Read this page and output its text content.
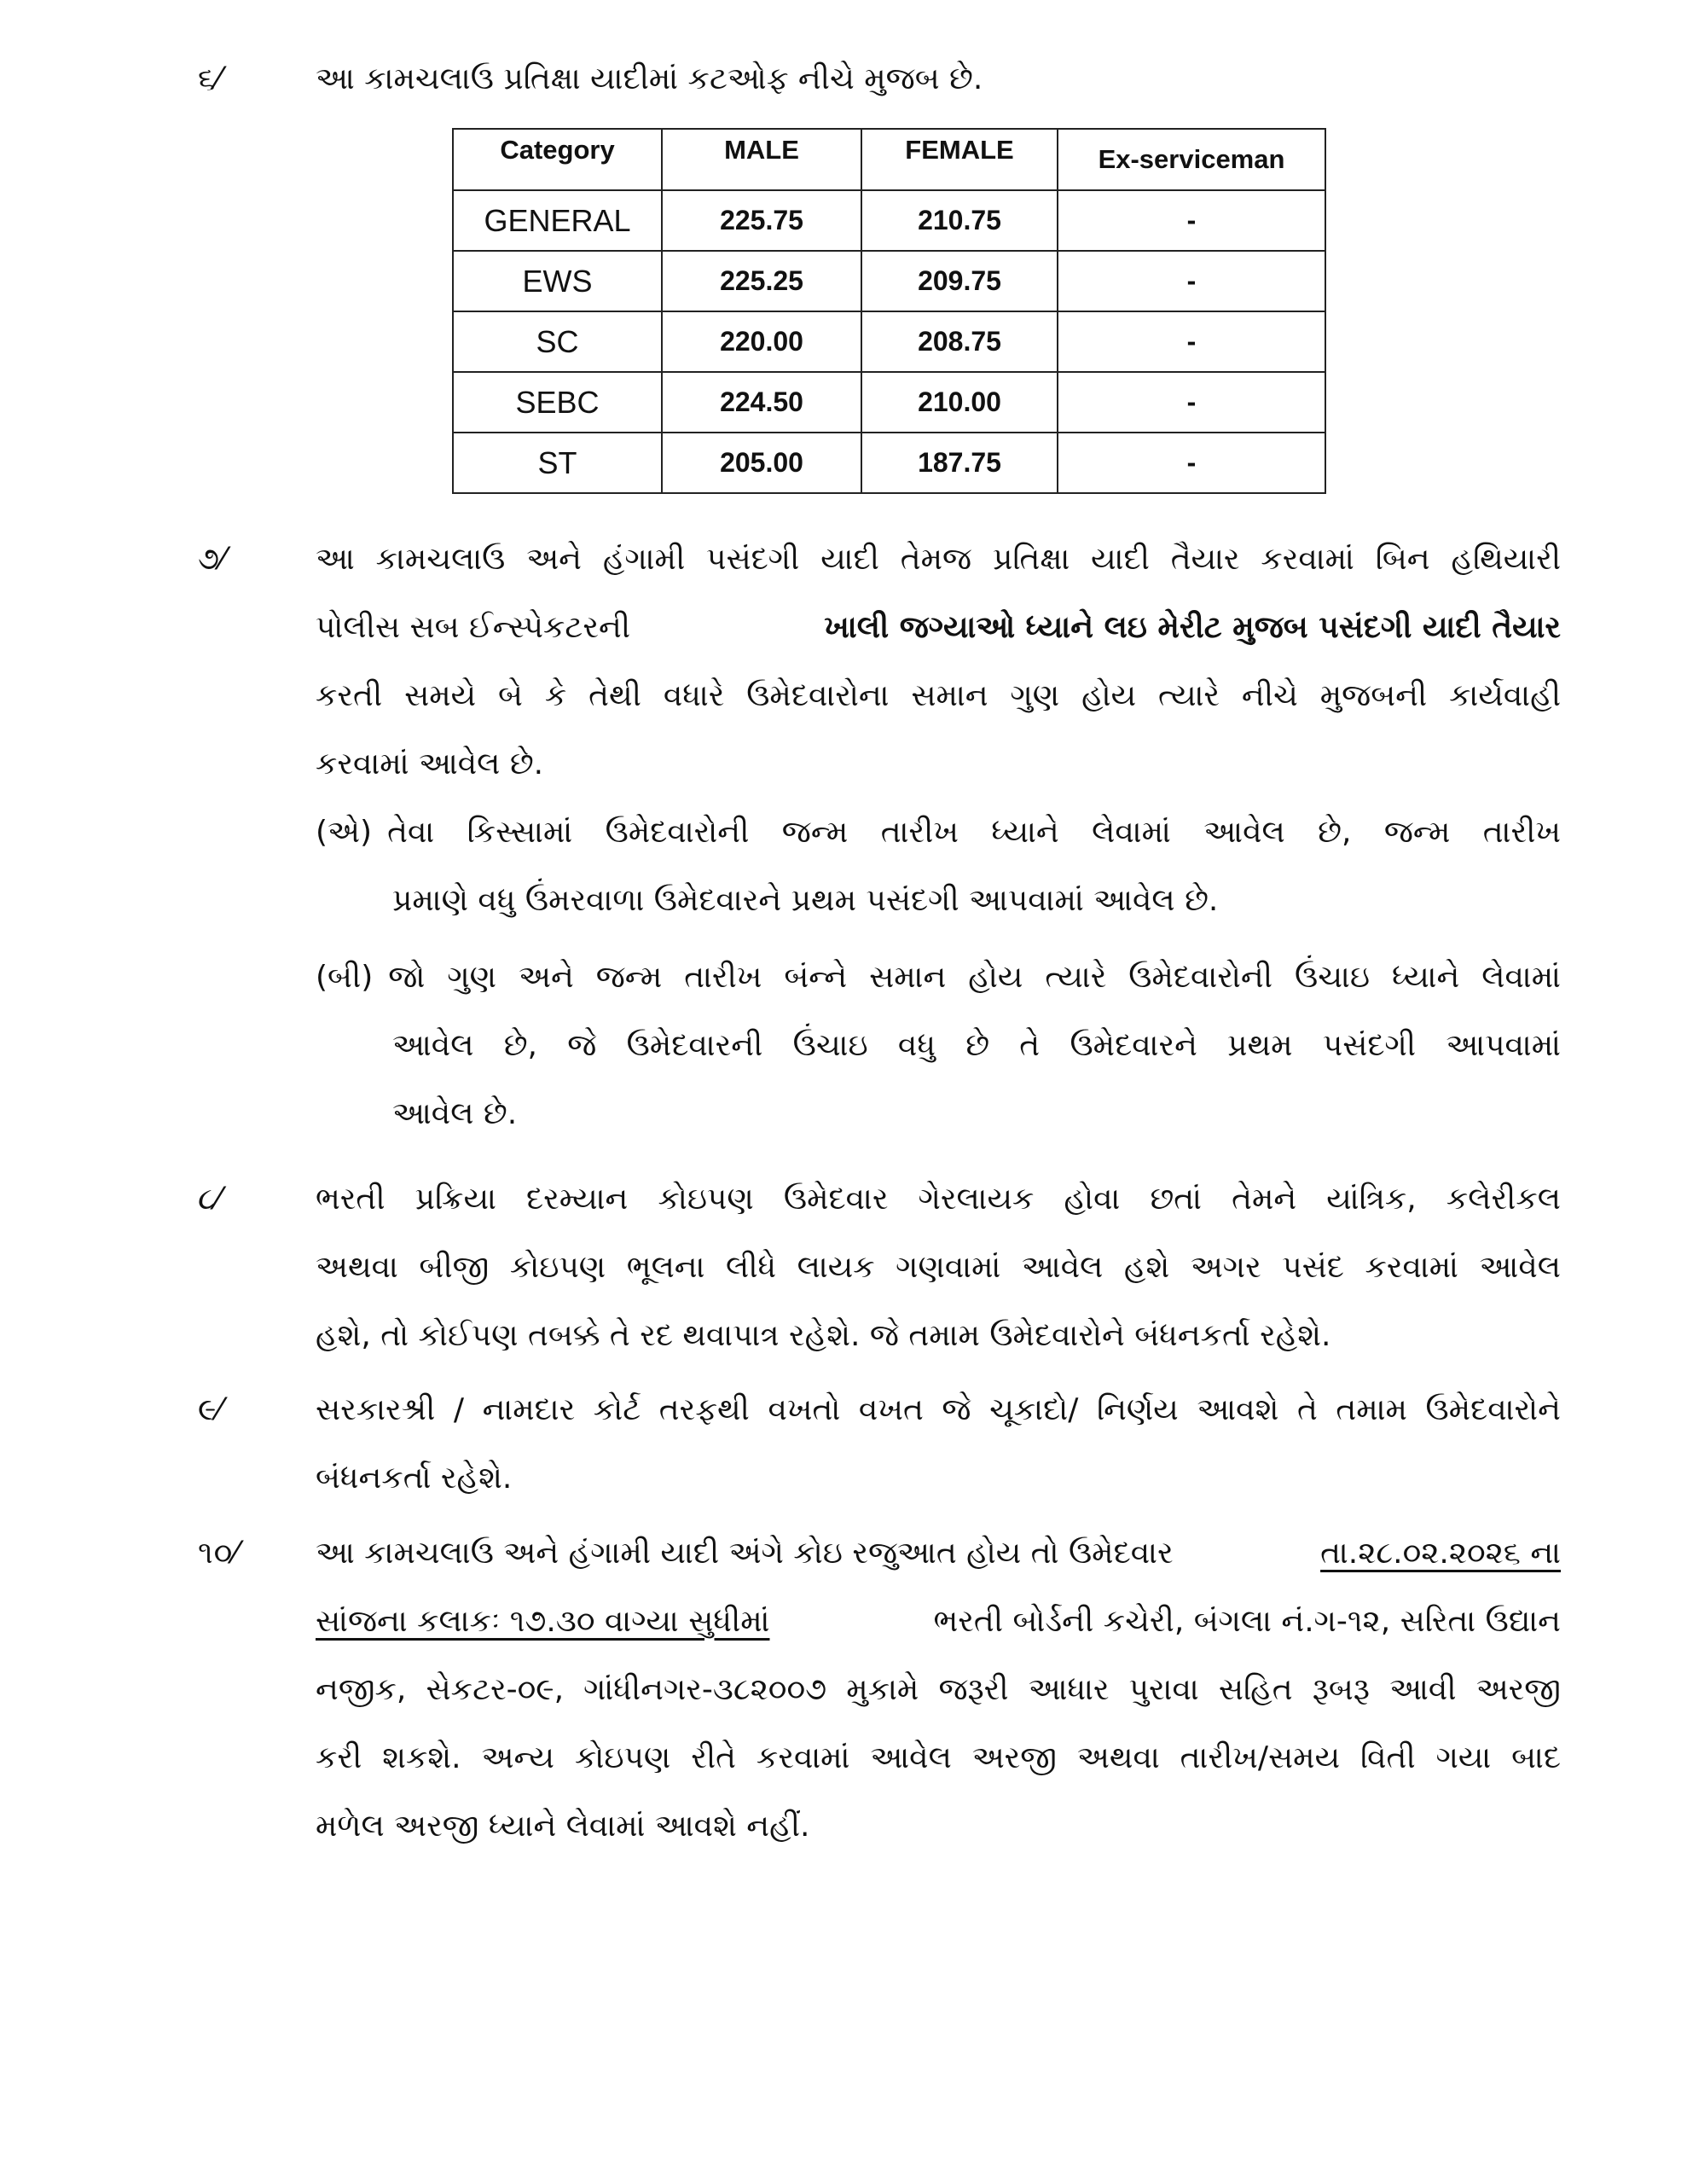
૬⁄	આ કામચલાઉ પ્રતિક્ષા યાદીમાં કટઓફ નીચે મુજબ છે.
Category	MALE	FEMALE	Ex-serviceman
GENERAL	225.75	210.75	-
EWS	225.25	209.75	-
SC	220.00	208.75	-
SEBC	224.50	210.00	-
ST	205.00	187.75	-
૭⁄	આ કામચલાઉ અને હંગામી પસંદગી યાદી તેમજ પ્રતિક્ષા યાદી તૈયાર કરવામાં બિન હથિયારી
પોલીસ સબ ઈન્સ્પેકટરની	ખાલી જગ્યાઓ ધ્યાને લઇ મેરીટ મુજબ પસંદગી યાદી તૈયાર
કરતી સમયે બે કે તેથી વધારે ઉમેદવારોના સમાન ગુણ હોય ત્યારે નીચે મુજબની કાર્યવાહી
કરવામાં આવેલ છે.
(એ) તેવા કિસ્સામાં ઉમેદવારોની જન્મ તારીખ ધ્યાને લેવામાં આવેલ છે, જન્મ તારીખ
પ્રમાણે વધુ ઉંમરવાળા ઉમેદવારને પ્રથમ પસંદગી આપવામાં આવેલ છે.
(બી) જો ગુણ અને જન્મ તારીખ બંન્ને સમાન હોય ત્યારે ઉમેદવારોની ઉંચાઇ ધ્યાને લેવામાં
આવેલ છે, જે ઉમેદવારની ઉંચાઇ વધુ છે તે ઉમેદવારને પ્રથમ પસંદગી આપવામાં
આવેલ છે.
૮⁄	ભરતી પ્રક્રિયા દરમ્યાન કોઇપણ ઉમેદવાર ગેરલાયક હોવા છતાં તેમને યાંત્રિક, કલેરીકલ
અથવા બીજી કોઇપણ ભૂલના લીધે લાયક ગણવામાં આવેલ હશે અગર પસંદ કરવામાં આવેલ
હશે, તો કોઈપણ તબક્કે તે રદ થવાપાત્ર રહેશે. જે તમામ ઉમેદવારોને બંધનકર્તા રહેશે.
૯⁄	સરકારશ્રી / નામદાર કોર્ટ તરફથી વખતો વખત જે ચૂકાદો/ નિર્ણય આવશે તે તમામ ઉમેદવારોને
બંધનકર્તા રહેશે.
૧૦⁄ આ કામચલાઉ અને હંગામી યાદી અંગે કોઇ રજુઆત હોય તો ઉમેદવાર	તા.૨૮.૦૨.૨૦૨૬ ના
સાંજના કલાકઃ ૧૭.૩૦ વાગ્યા સુધીમાં	ભરતી બોર્ડની કચેરી, બંગલા નં.ગ-૧૨, સરિતા ઉદ્યાન
નજીક, સેકટર-૦૯, ગાંધીનગર-૩૮૨૦૦૭ મુકામે જરૂરી આધાર પુરાવા સહિત રૂબરૂ આવી અરજી
કરી શકશે. અન્ય કોઇપણ રીતે કરવામાં આવેલ અરજી અથવા તારીખ/સમય વિતી ગયા બાદ
મળેલ અરજી ધ્યાને લેવામાં આવશે નહીં.
